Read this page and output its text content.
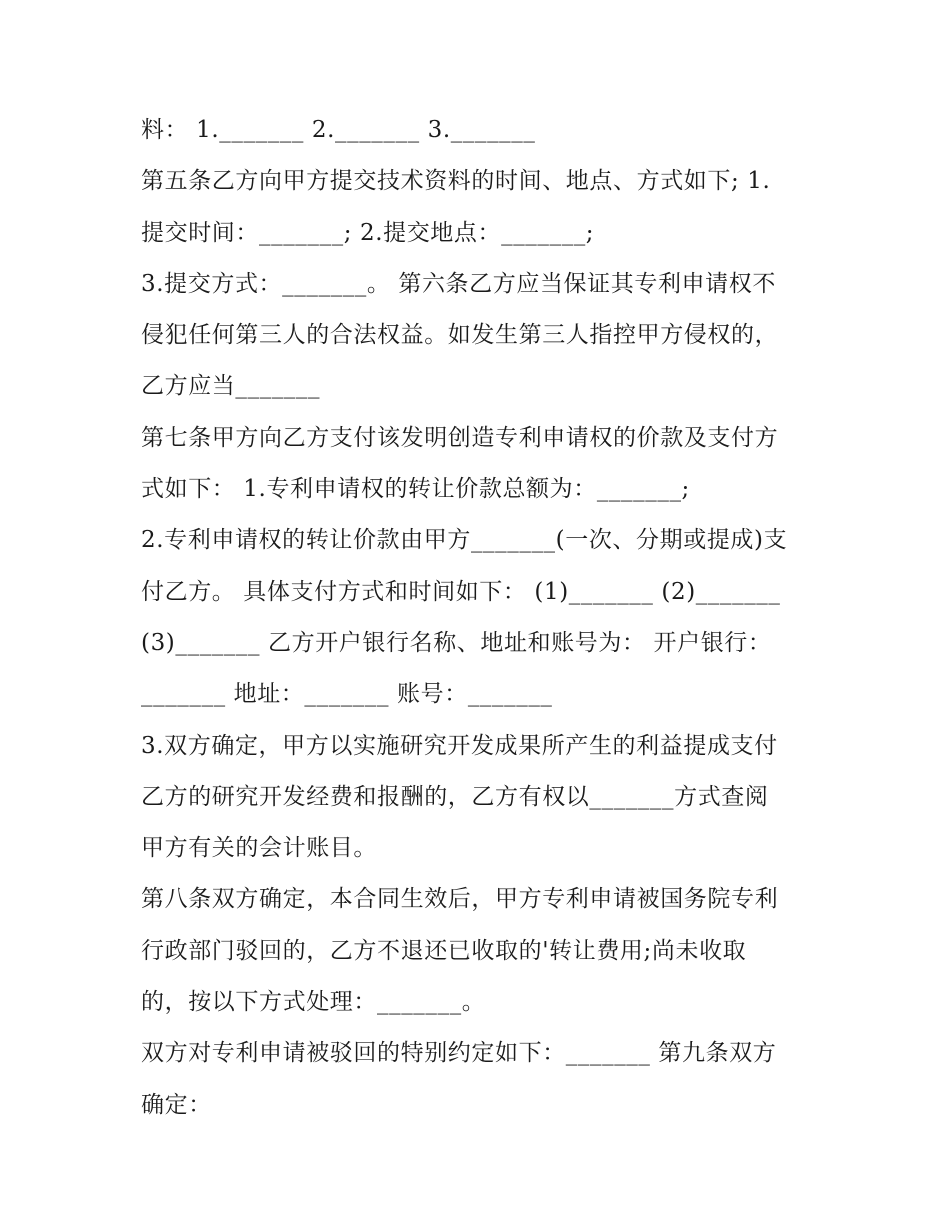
料： 1._______ 2._______ 3._______
第五条乙方向甲方提交技术资料的时间、地点、方式如下; 1.
提交时间：_______; 2.提交地点：_______;
3.提交方式：_______。 第六条乙方应当保证其专利申请权不
侵犯任何第三人的合法权益。如发生第三人指控甲方侵权的，
乙方应当_______
第七条甲方向乙方支付该发明创造专利申请权的价款及支付方
式如下： 1.专利申请权的转让价款总额为：_______;
2.专利申请权的转让价款由甲方_______(一次、分期或提成)支
付乙方。 具体支付方式和时间如下： (1)_______ (2)_______
(3)_______ 乙方开户银行名称、地址和账号为： 开户银行：
_______ 地址：_______ 账号：_______
3.双方确定，甲方以实施研究开发成果所产生的利益提成支付
乙方的研究开发经费和报酬的，乙方有权以_______方式查阅
甲方有关的会计账目。
第八条双方确定，本合同生效后，甲方专利申请被国务院专利
行政部门驳回的，乙方不退还已收取的'转让费用;尚未收取
的，按以下方式处理：_______。
双方对专利申请被驳回的特别约定如下：_______ 第九条双方
确定：
